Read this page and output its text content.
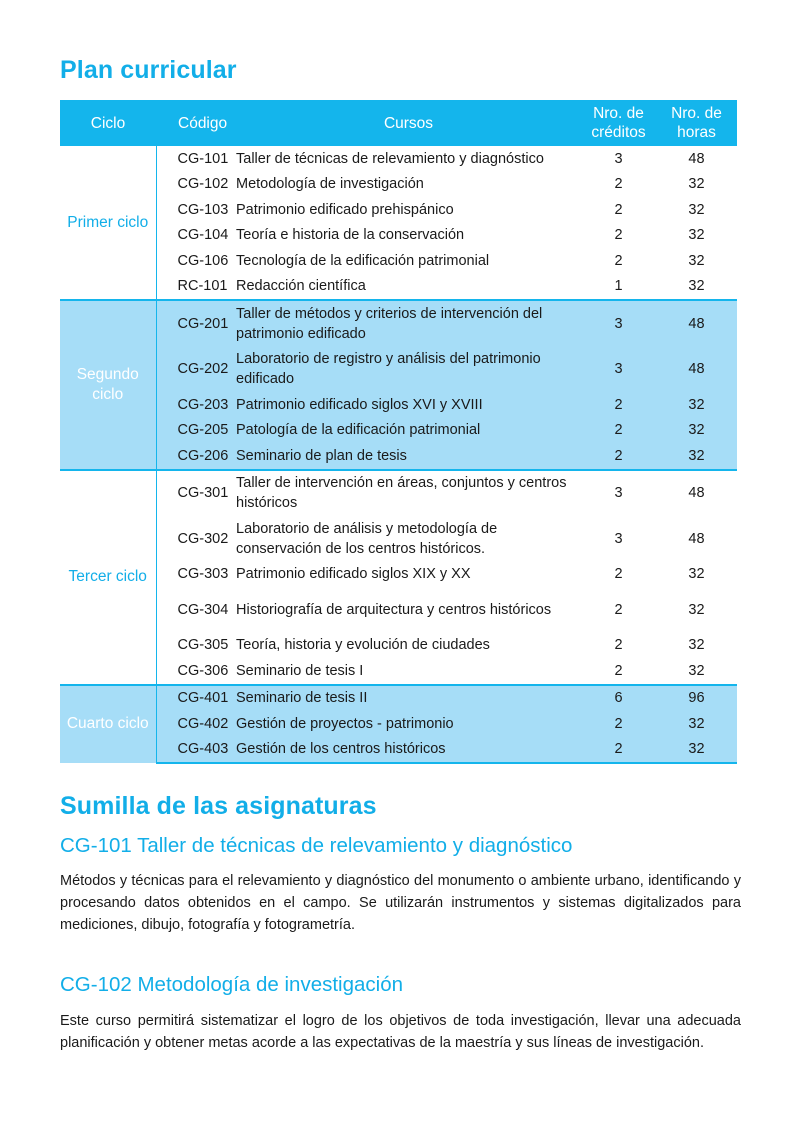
Plan curricular
Ciclo	Código	Cursos	Nro. de créditos	Nro. de horas
Primer ciclo	CG-101	Taller de técnicas de relevamiento y diagnóstico	3	48
	CG-102	Metodología de investigación	2	32
	CG-103	Patrimonio edificado prehispánico	2	32
	CG-104	Teoría e historia de la conservación	2	32
	CG-106	Tecnología de la edificación patrimonial	2	32
	RC-101	Redacción científica	1	32
Segundo ciclo	CG-201	Taller de métodos y criterios de intervención del patrimonio edificado	3	48
	CG-202	Laboratorio de registro y análisis del patrimonio edificado	3	48
	CG-203	Patrimonio edificado siglos XVI y XVIII	2	32
	CG-205	Patología de la edificación patrimonial	2	32
	CG-206	Seminario de plan de tesis	2	32
Tercer ciclo	CG-301	Taller de intervención en áreas, conjuntos y centros históricos	3	48
	CG-302	Laboratorio de análisis y metodología de conservación de los centros históricos.	3	48
	CG-303	Patrimonio edificado siglos XIX y XX	2	32
	CG-304	Historiografía de arquitectura y centros históricos	2	32
	CG-305	Teoría, historia y evolución de ciudades	2	32
	CG-306	Seminario de tesis I	2	32
Cuarto ciclo	CG-401	Seminario de tesis II	6	96
	CG-402	Gestión de proyectos - patrimonio	2	32
	CG-403	Gestión de los centros históricos	2	32
Sumilla de las asignaturas
CG-101 Taller de técnicas de relevamiento y diagnóstico

Métodos y técnicas para el relevamiento y diagnóstico del monumento o ambiente urbano, identificando y procesando datos obtenidos en el campo. Se utilizarán instrumentos y sistemas digitalizados para mediciones, dibujo, fotografía y fotogrametría.

CG-102 Metodología de investigación

Este curso permitirá sistematizar el logro de los objetivos de toda investigación, llevar una adecuada planificación y obtener metas acorde a las expectativas de la maestría y sus líneas de investigación.
